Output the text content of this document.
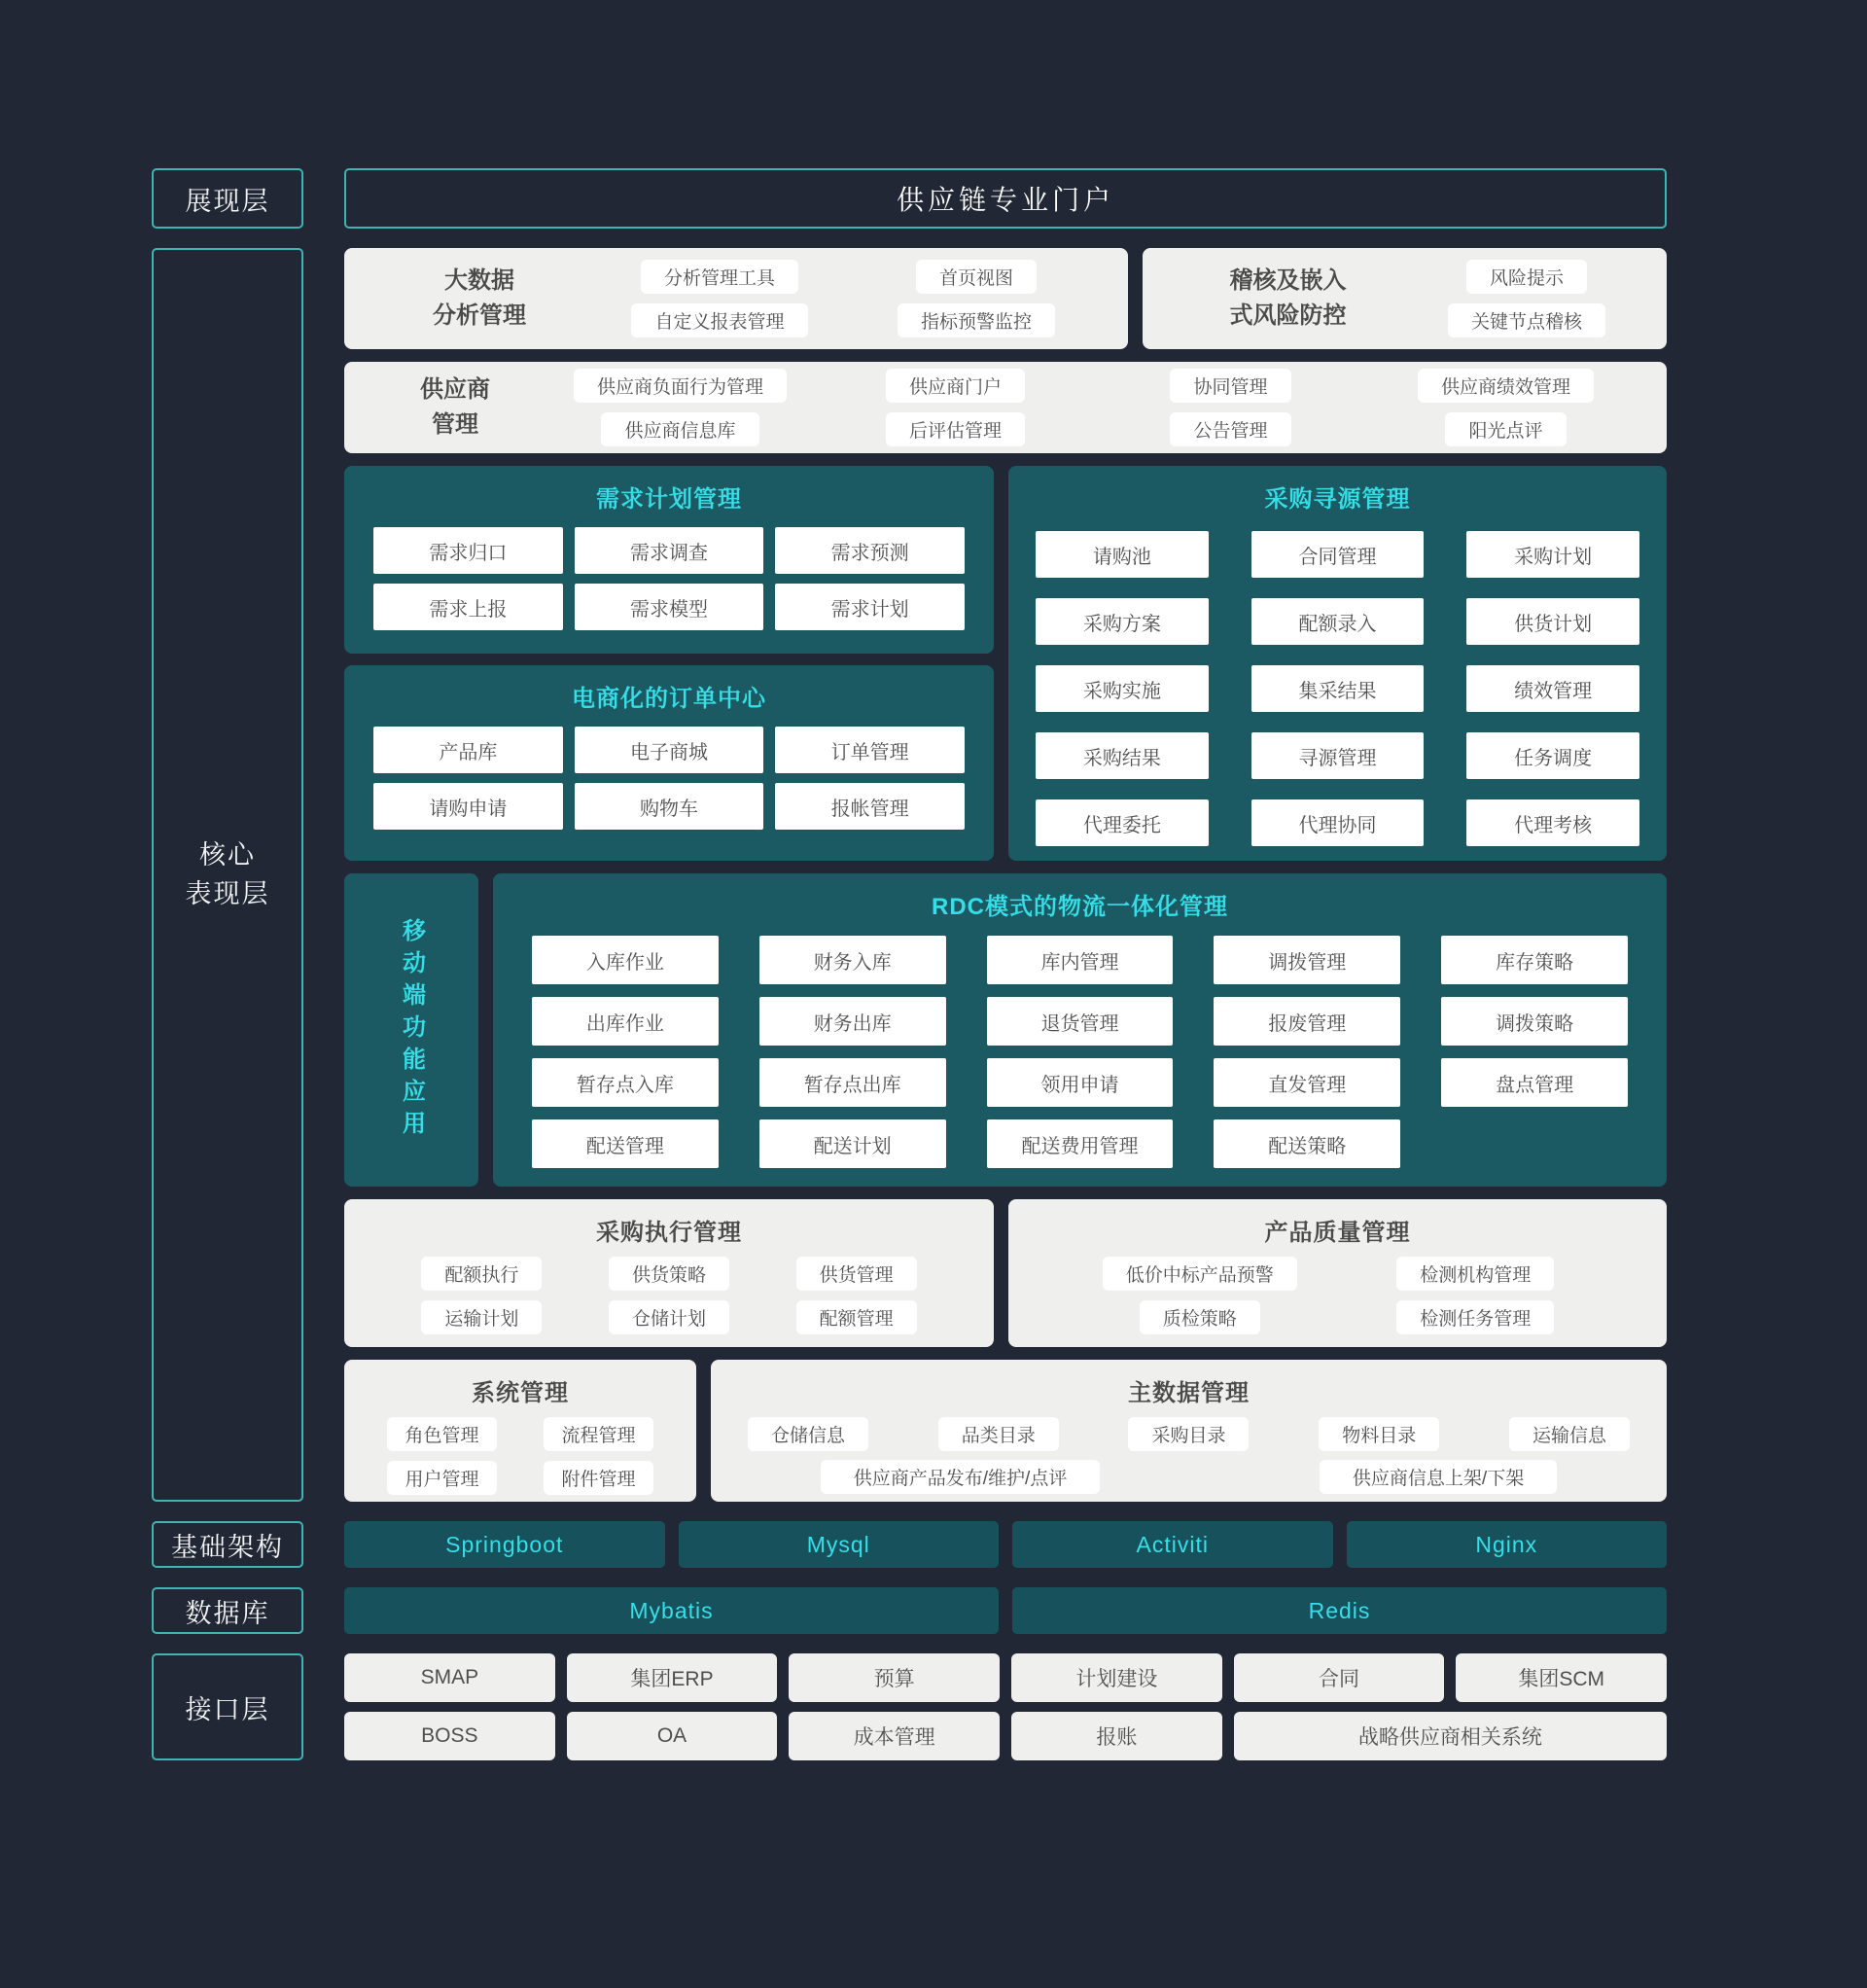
展现层	供应链专业门户
核心
表现层
大数据
分析管理
分析管理工具
自定义报表管理
首页视图
指标预警监控
稽核及嵌入
式风险防控
风险提示
关键节点稽核
供应商
管理
供应商负面行为管理
供应商信息库
供应商门户
后评估管理
协同管理
公告管理
供应商绩效管理
阳光点评
需求计划管理
需求归口	需求调查	需求预测
需求上报	需求模型	需求计划
电商化的订单中心
产品库	电子商城	订单管理
请购申请	购物车	报帐管理
采购寻源管理
请购池	合同管理	采购计划
采购方案	配额录入	供货计划
采购实施	集采结果	绩效管理
采购结果	寻源管理	任务调度
代理委托	代理协同	代理考核
移动端功能应用
RDC模式的物流一体化管理
入库作业	财务入库	库内管理	调拨管理	库存策略
出库作业	财务出库	退货管理	报废管理	调拨策略
暂存点入库	暂存点出库	领用申请	直发管理	盘点管理
配送管理	配送计划	配送费用管理	配送策略
采购执行管理
配额执行	供货策略	供货管理
运输计划	仓储计划	配额管理
产品质量管理
低价中标产品预警	检测机构管理
质检策略	检测任务管理
系统管理
角色管理	流程管理
用户管理	附件管理
主数据管理
仓储信息	品类目录	采购目录	物料目录	运输信息
供应商产品发布/维护/点评	供应商信息上架/下架
基础架构	Springboot	Mysql	Activiti	Nginx
数据库	Mybatis	Redis
接口层
SMAP	集团ERP	预算	计划建设	合同	集团SCM
BOSS	OA	成本管理	报账	战略供应商相关系统
